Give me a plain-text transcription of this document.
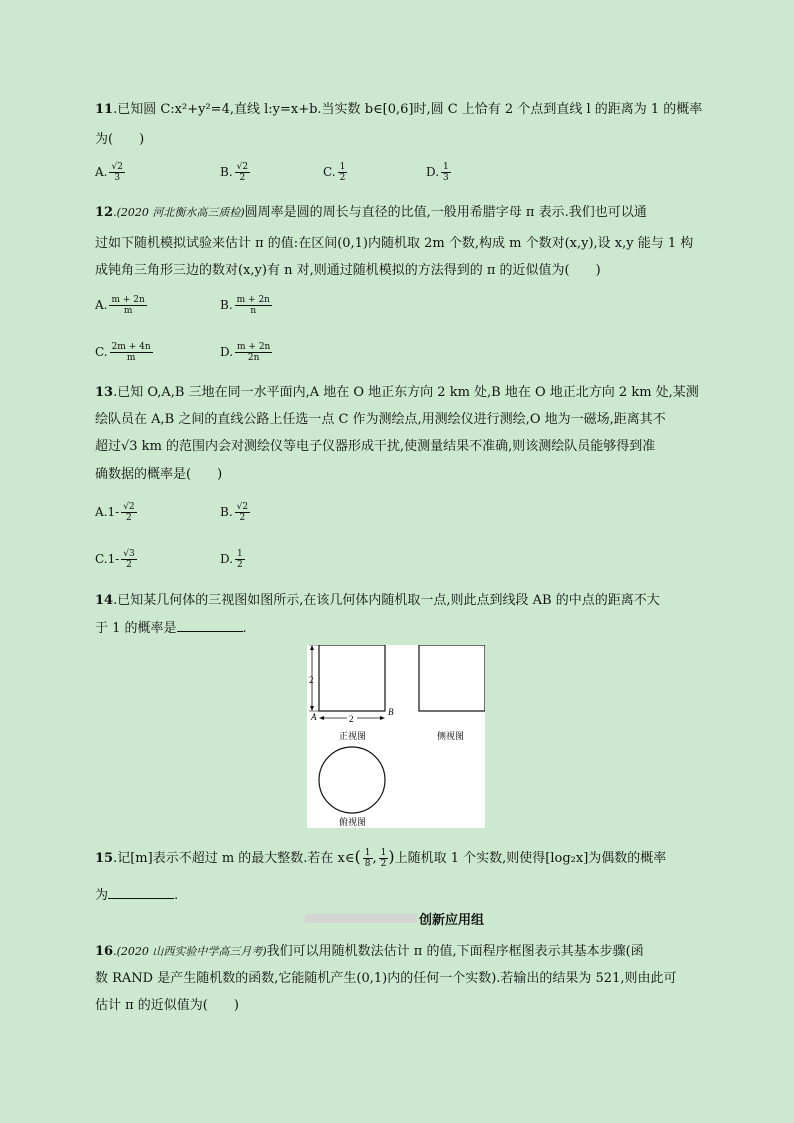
11.已知圆 C:x²+y²=4,直线 l:y=x+b.当实数 b∈[0,6]时,圆 C 上恰有 2 个点到直线 l 的距离为 1 的概率
为(　　)
A. $\frac{√2}{3}$	B. $\frac{√2}{2}$	C. $\frac{1}{2}$	D. $\frac{1}{3}$
12.(2020 河北衡水高三质检)圆周率是圆的周长与直径的比值,一般用希腊字母 π 表示.我们也可以通
过如下随机模拟试验来估计 π 的值:在区间(0,1)内随机取 2m 个数,构成 m 个数对(x,y),设 x,y 能与 1 构
成钝角三角形三边的数对(x,y)有 n 对,则通过随机模拟的方法得到的 π 的近似值为(　　)
A. $\frac{m + 2n}{m}$	B. $\frac{m + 2n}{n}$
C. $\frac{2m + 4n}{m}$	D. $\frac{m + 2n}{2n}$
13.已知 O,A,B 三地在同一水平面内,A 地在 O 地正东方向 2 km 处,B 地在 O 地正北方向 2 km 处,某测
绘队员在 A,B 之间的直线公路上任选一点 C 作为测绘点,用测绘仪进行测绘,O 地为一磁场,距离其不
超过√3 km 的范围内会对测绘仪等电子仪器形成干扰,使测量结果不准确,则该测绘队员能够得到准
确数据的概率是(　　)
$A.1- \frac{√2}{2}$	B. $\frac{√2}{2}$
$C.1- \frac{√3}{2}$	D. $\frac{1}{2}$
14.已知某几何体的三视图如图所示,在该几何体内随机取一点,则此点到线段 AB 的中点的距离不大
于 1 的概率是	.
2
2
A	B
正视图	侧视图
俯视图
15.记[m]表示不超过 m 的最大整数.若在 x∈( $\frac{1}{8}$ , $\frac{1}{2}$ )上随机取 1 个实数,则使得[log₂x]为偶数的概率
为	.
创新应用组
16.(2020 山西实验中学高三月考)我们可以用随机数法估计 π 的值,下面程序框图表示其基本步骤(函
数 RAND 是产生随机数的函数,它能随机产生(0,1)内的任何一个实数).若输出的结果为 521,则由此可
估计 π 的近似值为(　　)
